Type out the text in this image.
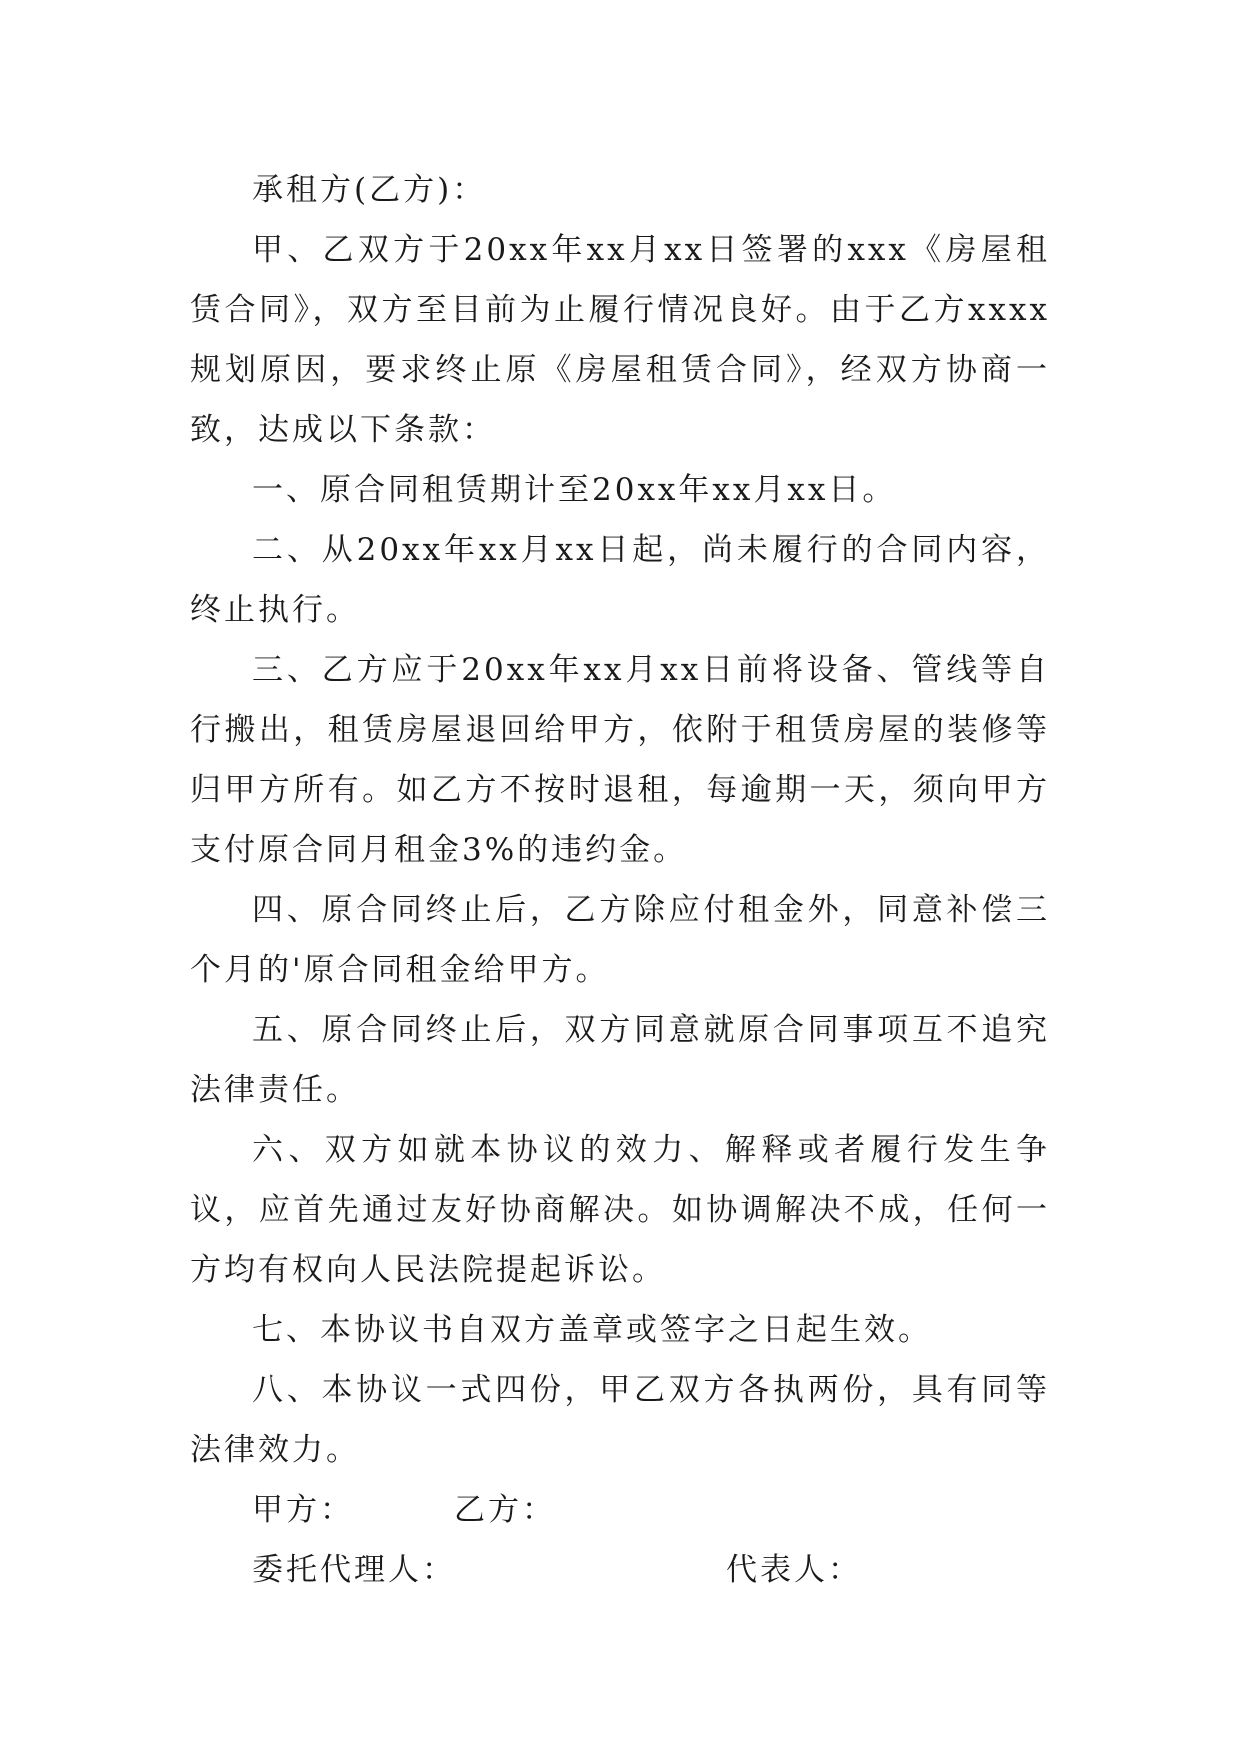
承租方(乙方)：

甲、乙双方于20xx年xx月xx日签署的xxx《房屋租赁合同》，双方至目前为止履行情况良好。由于乙方xxxx规划原因，要求终止原《房屋租赁合同》，经双方协商一致，达成以下条款：

一、原合同租赁期计至20xx年xx月xx日。

二、从20xx年xx月xx日起，尚未履行的合同内容，终止执行。

三、乙方应于20xx年xx月xx日前将设备、管线等自行搬出，租赁房屋退回给甲方，依附于租赁房屋的装修等归甲方所有。如乙方不按时退租，每逾期一天，须向甲方支付原合同月租金3%的违约金。

四、原合同终止后，乙方除应付租金外，同意补偿三个月的'原合同租金给甲方。

五、原合同终止后，双方同意就原合同事项互不追究法律责任。

六、双方如就本协议的效力、解释或者履行发生争议，应首先通过友好协商解决。如协调解决不成，任何一方均有权向人民法院提起诉讼。

七、本协议书自双方盖章或签字之日起生效。

八、本协议一式四份，甲乙双方各执两份，具有同等法律效力。

甲方：	乙方：

委托代理人：	代表人：
